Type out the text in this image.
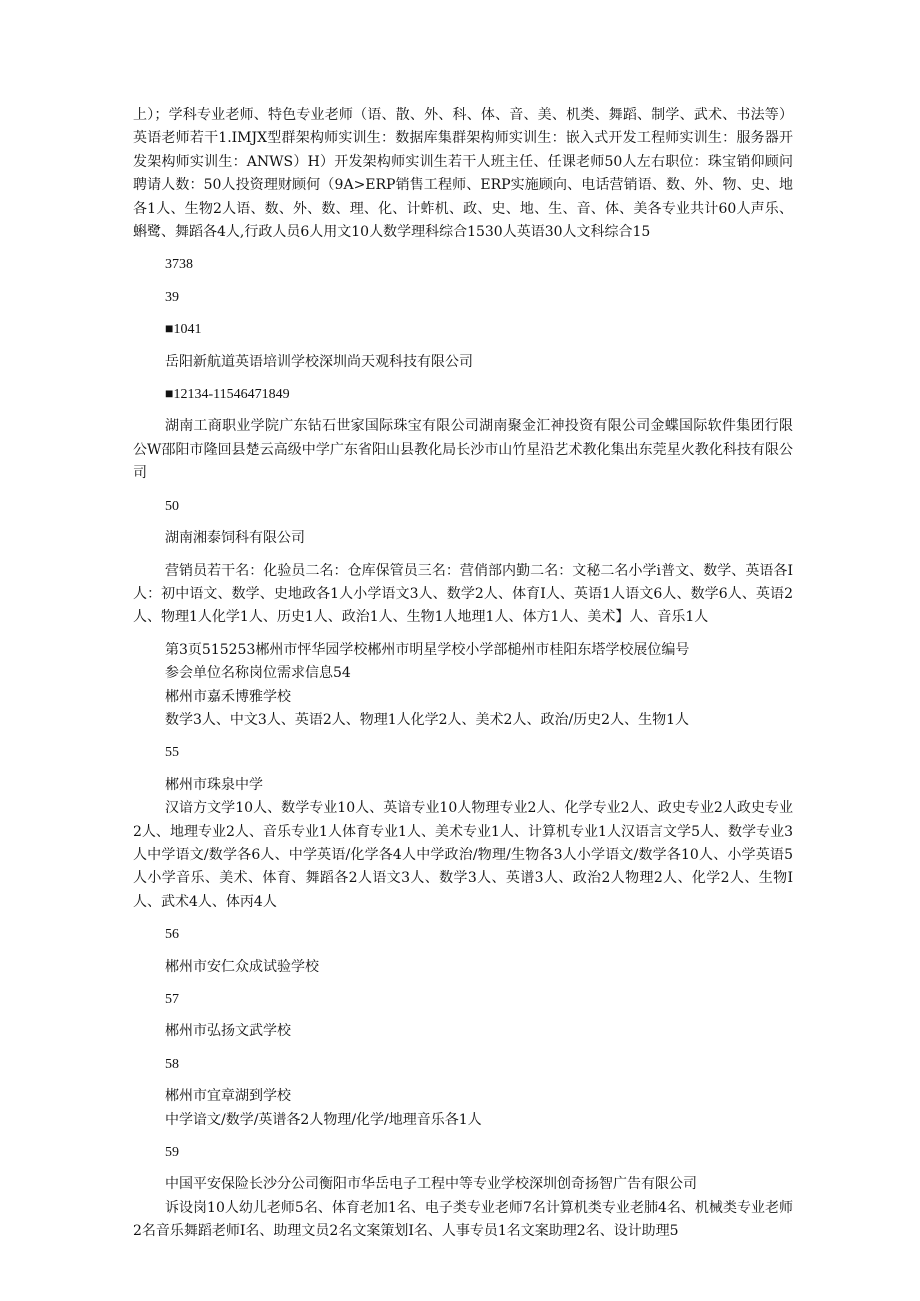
上）；学科专业老师、特色专业老师（语、散、外、科、体、音、美、机类、舞蹈、制学、武术、书法等）英语老师若干1.IMJX型群架构师实训生：数据库集群架构师实训生：嵌入式开发工程师实训生：服务器开发架构师实训生：ANWS）H）开发架构师实训生若干人班主任、任课老师50人左右职位：珠宝销仰顾问聘请人数：50人投资理财顾何（9A>ERP销售工程师、ERP实施顾向、电话营销语、数、外、物、史、地各1人、生物2人语、数、外、数、理、化、计蚱机、政、史、地、生、音、体、美各专业共计60人声乐、蝌鹭、舞蹈各4人,行政人员6人用文10人数学理科综合1530人英语30人文科综合15

3738
39
■1041
岳阳新航道英语培训学校深圳尚天观科技有限公司
■12134-11546471849

湖南工商职业学院广东钻石世家国际珠宝有限公司湖南聚金汇神投资有限公司金蝶国际软件集团行限公W邵阳市隆回县楚云高级中学广东省阳山县教化局长沙市山竹星沿艺术教化集出东莞星火教化科技有限公司

50
湖南湘泰饲科有限公司

营销员若干名：化验员二名：仓库保管员三名：营俏部内勤二名：文秘二名小学i普文、数学、英语各I人：初中语文、数学、史地政各1人小学语文3人、数学2人、体育I人、英语1人语文6人、数学6人、英语2人、物理1人化学1人、历史1人、政治1人、生物1人地理1人、体方1人、美术】人、音乐1人

第3页515253郴州市怦华园学校郴州市明星学校小学部槌州市桂阳东塔学校展位编号
参会单位名称岗位需求信息54
郴州市嘉禾博雅学校
数学3人、中文3人、英语2人、物理1人化学2人、美术2人、政治/历史2人、生物1人
55
郴州市珠泉中学

汉谙方文学10人、数学专业10人、英谙专业10人物理专业2人、化学专业2人、政史专业2人政史专业2人、地理专业2人、音乐专业1人体育专业1人、美术专业1人、计算机专业1人汉语言文学5人、数学专业3人中学语文/数学各6人、中学英语/化学各4人中学政治/物理/生物各3人小学语文/数学各10人、小学英语5人小学音乐、美术、体育、舞蹈各2人语文3人、数学3人、英谱3人、政治2人物理2人、化学2人、生物I人、武术4人、体丙4人

56
郴州市安仁众成试验学校
57
郴州市弘扬文武学校
58
郴州市宜章湖到学校
中学谙文/数学/英谱各2人物理/化学/地理音乐各1人
59
中国平安保险长沙分公司衡阳市华岳电子工程中等专业学校深圳创奇扬智广告有限公司

诉设岗10人幼儿老师5名、体育老加1名、电子类专业老师7名计算机类专业老肺4名、机械类专业老师2名音乐舞蹈老师I名、助理文员2名文案策划I名、人事专员1名文案助理2名、设计助理5
